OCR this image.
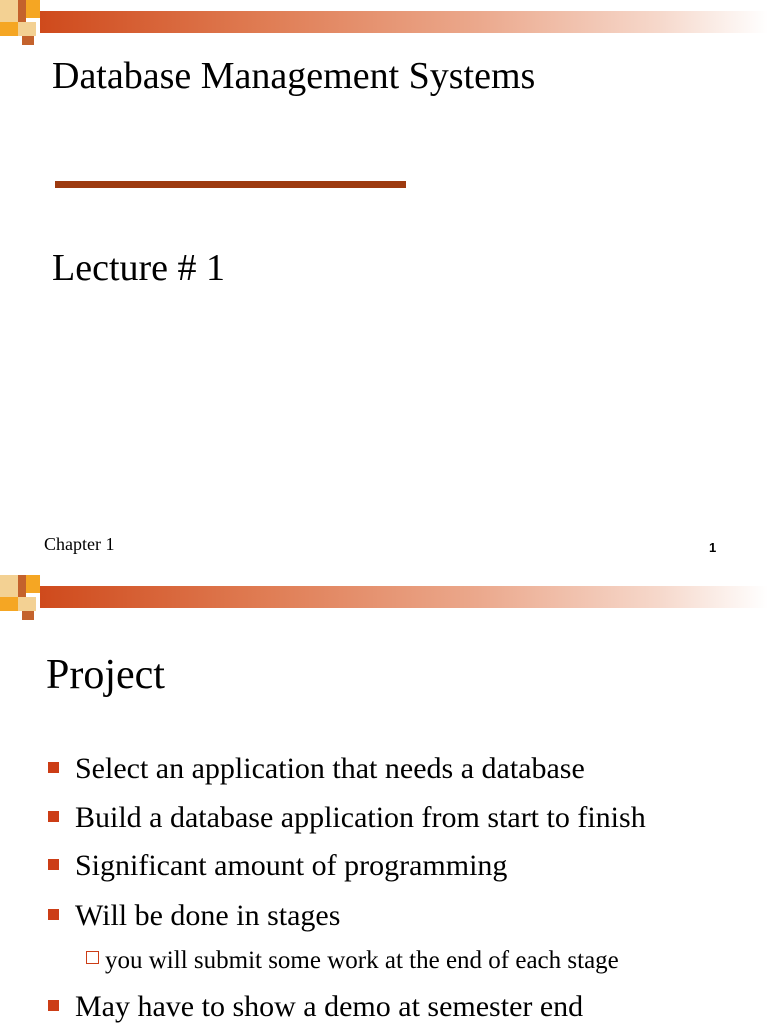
Database Management Systems
Lecture # 1
Chapter 1	1
Project
Select an application that needs a database
Build a database application from start to finish
Significant amount of programming
Will be done in stages
you will submit some work at the end of each stage
May have to show a demo at semester end
